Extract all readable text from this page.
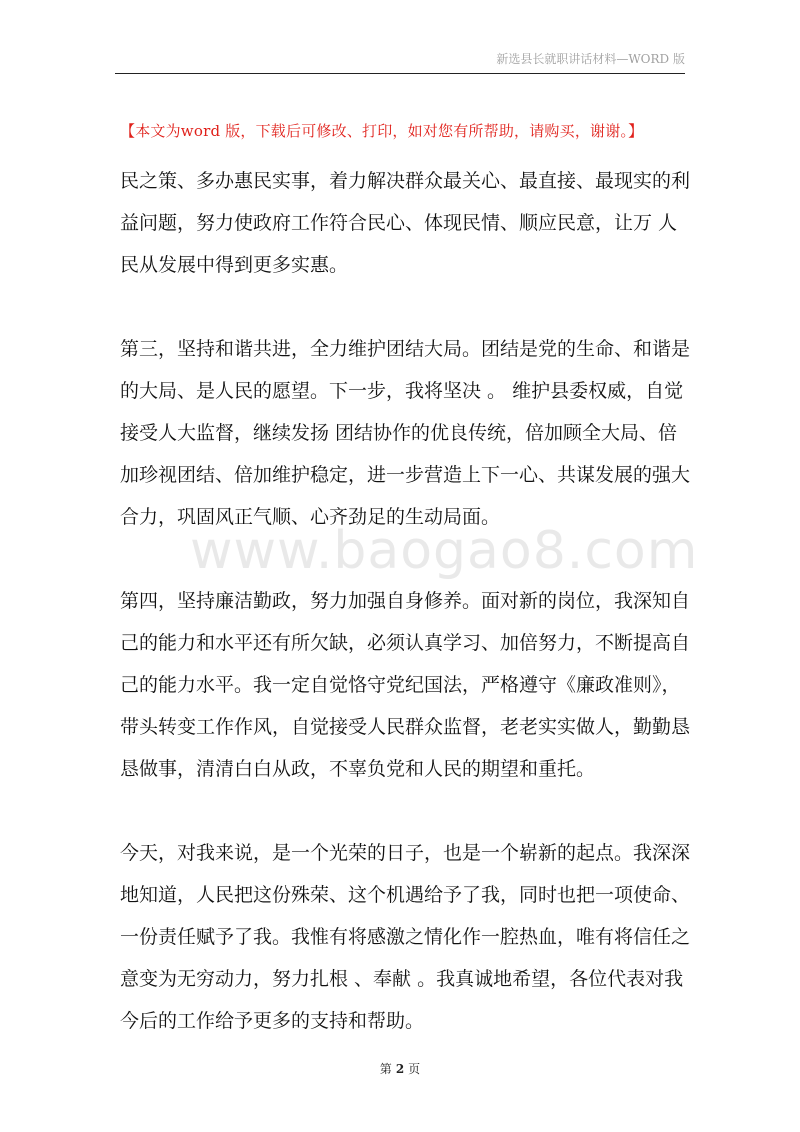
新选县长就职讲话材料—WORD 版
【本文为word 版，下载后可修改、打印，如对您有所帮助，请购买，谢谢。】
www.baogao8.com

民之策、多办惠民实事，着力解决群众最关心、最直接、最现实的利
益问题，努力使政府工作符合民心、体现民情、顺应民意，让万 人
民从发展中得到更多实惠。

第三，坚持和谐共进，全力维护团结大局。团结是党的生命、和谐是
的大局、是人民的愿望。下一步，我将坚决 。 维护县委权威，自觉
接受人大监督，继续发扬 团结协作的优良传统，倍加顾全大局、倍
加珍视团结、倍加维护稳定，进一步营造上下一心、共谋发展的强大
合力，巩固风正气顺、心齐劲足的生动局面。

第四，坚持廉洁勤政，努力加强自身修养。面对新的岗位，我深知自
己的能力和水平还有所欠缺，必须认真学习、加倍努力，不断提高自
己的能力水平。我一定自觉恪守党纪国法，严格遵守《廉政准则》，
带头转变工作作风，自觉接受人民群众监督，老老实实做人，勤勤恳
恳做事，清清白白从政，不辜负党和人民的期望和重托。

今天，对我来说，是一个光荣的日子，也是一个崭新的起点。我深深
地知道，人民把这份殊荣、这个机遇给予了我，同时也把一项使命、
一份责任赋予了我。我惟有将感激之情化作一腔热血，唯有将信任之
意变为无穷动力，努力扎根 、奉献 。我真诚地希望，各位代表对我
今后的工作给予更多的支持和帮助。

第 2 页
